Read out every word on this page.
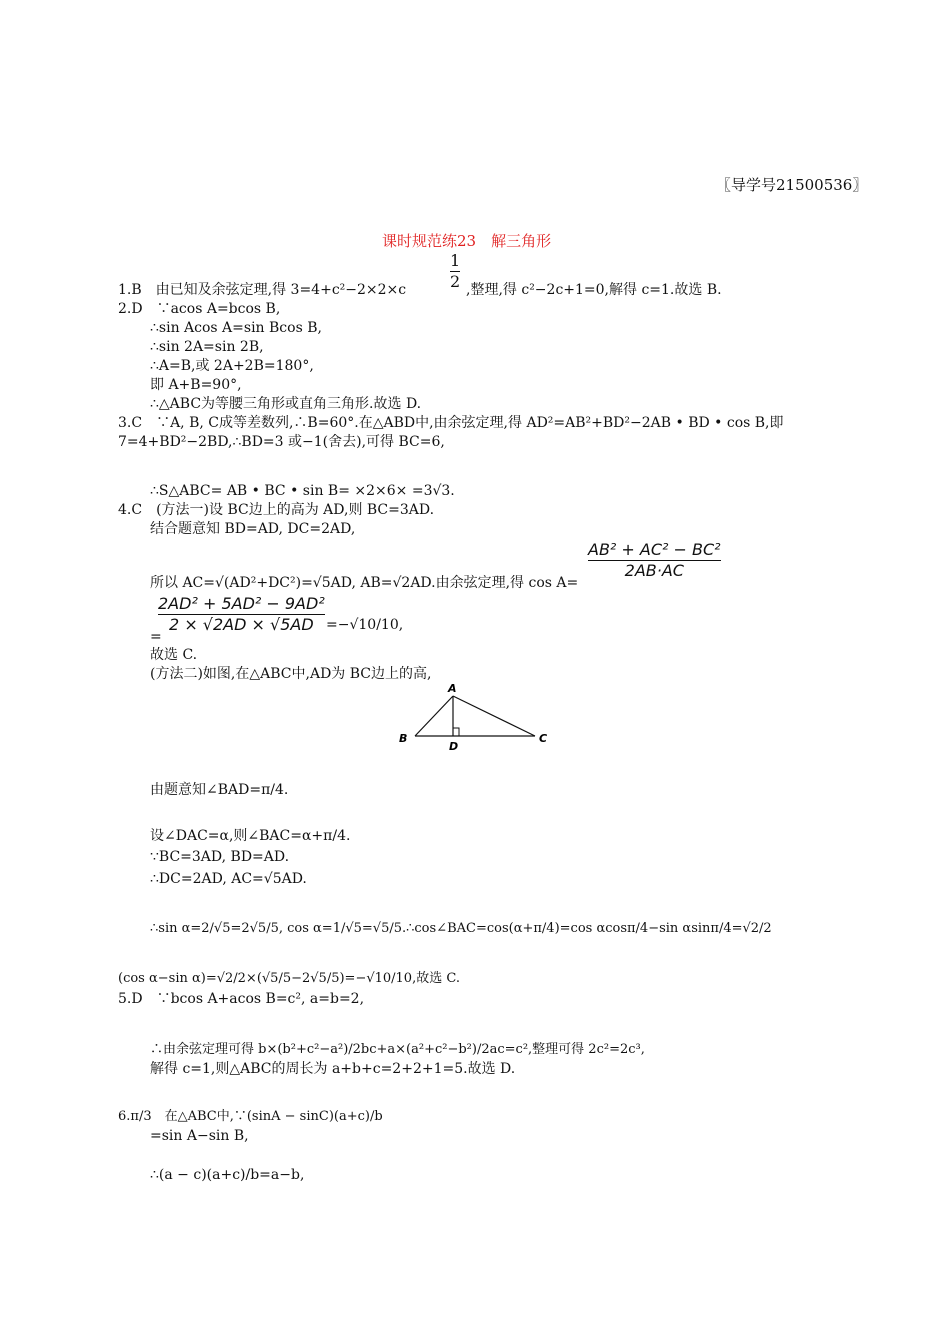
〖导学号21500536〗
课时规范练23　解三角形
1.B　由已知及余弦定理,得 3=4+c²−2×2×c
1
2 ,整理,得 c²−2c+1=0,解得 c=1.故选 B.
2.D　∵acos A=bcos B,
∴sin Acos A=sin Bcos B,
∴sin 2A=sin 2B,
∴A=B,或 2A+2B=180°,
即 A+B=90°,
∴△ABC为等腰三角形或直角三角形.故选 D.
3.C　∵A, B, C成等差数列,∴B=60°.在△ABD中,由余弦定理,得 AD²=AB²+BD²−2AB • BD • cos B,即
7=4+BD²−2BD,∴BD=3 或−1(舍去),可得 BC=6,
∴S△ABC= AB • BC • sin B= ×2×6× =3√3.
4.C　(方法一)设 BC边上的高为 AD,则 BC=3AD.
结合题意知 BD=AD, DC=2AD,
所以 AC=√(AD²+DC²)=√5AD, AB=√2AD.由余弦定理,得 cos A=
AB² + AC² − BC²
2AB·AC
=
2AD² + 5AD² − 9AD²
2 × √2AD × √5AD =−√10/10,
故选 C.
(方法二)如图,在△ABC中,AD为 BC边上的高,
A
B	C
D
由题意知∠BAD=π/4.
设∠DAC=α,则∠BAC=α+π/4.
∵BC=3AD, BD=AD.
∴DC=2AD, AC=√5AD.
∴sin α=2/√5=2√5/5, cos α=1/√5=√5/5.∴cos∠BAC=cos(α+π/4)=cos αcosπ/4−sin αsinπ/4=√2/2
(cos α−sin α)=√2/2×(√5/5−2√5/5)=−√10/10,故选 C.
5.D　∵bcos A+acos B=c², a=b=2,
∴由余弦定理可得 b×(b²+c²−a²)/2bc+a×(a²+c²−b²)/2ac=c²,整理可得 2c²=2c³,
解得 c=1,则△ABC的周长为 a+b+c=2+2+1=5.故选 D.
6.π/3　在△ABC中,∵(sinA − sinC)(a+c)/b
=sin A−sin B,
∴(a − c)(a+c)/b=a−b,
